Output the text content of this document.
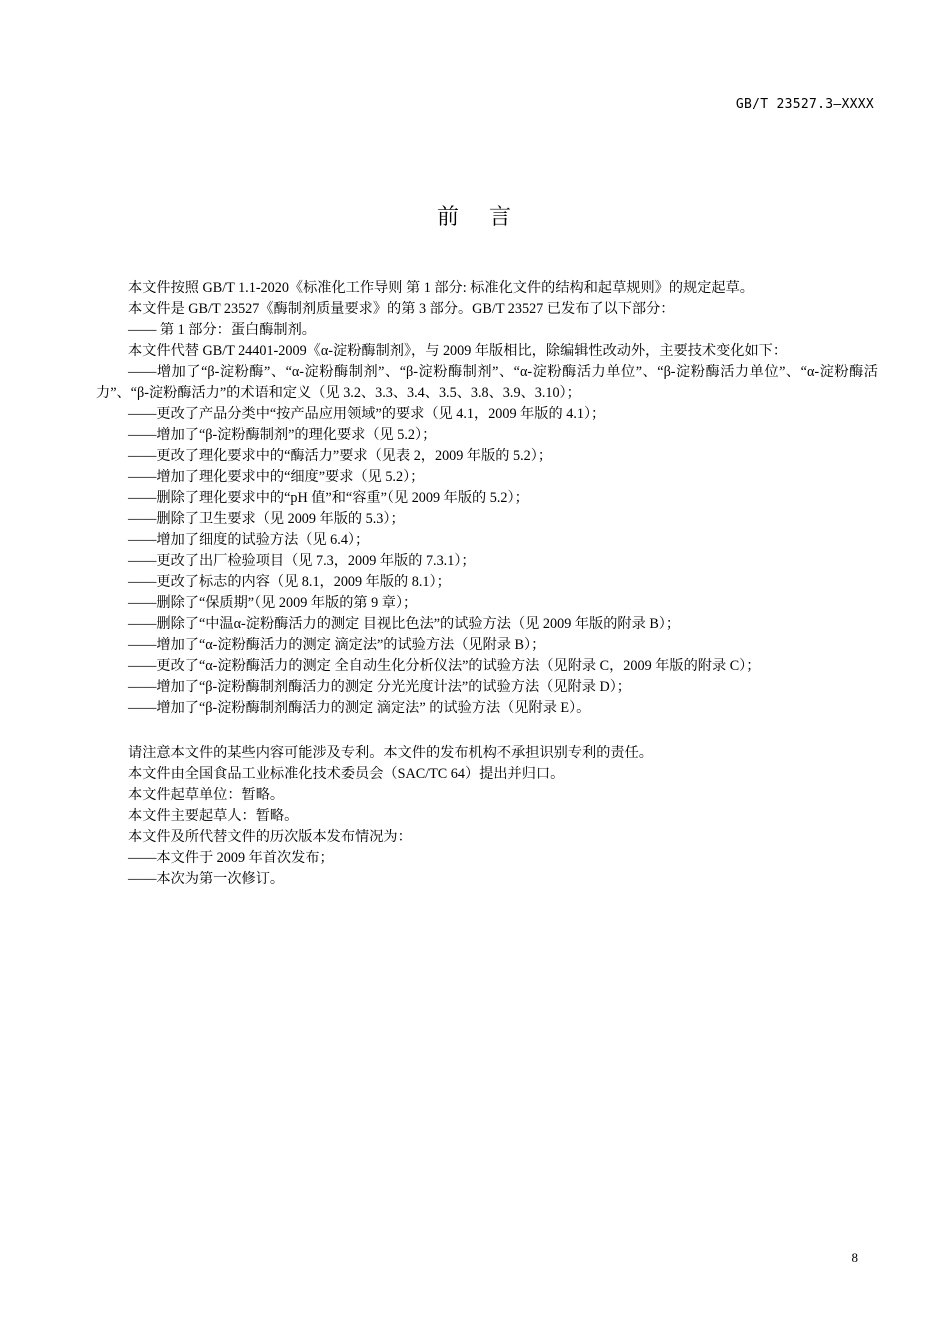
GB/T 23527.3—XXXX
前 言

本文件按照 GB/T 1.1-2020《标准化工作导则 第 1 部分: 标准化文件的结构和起草规则》的规定起草。

本文件是 GB/T 23527《酶制剂质量要求》的第 3 部分。GB/T 23527 已发布了以下部分：

—— 第 1 部分：蛋白酶制剂。

本文件代替 GB/T 24401-2009《α-淀粉酶制剂》，与 2009 年版相比，除编辑性改动外，主要技术变化如下：

——增加了“β-淀粉酶”、“α-淀粉酶制剂”、“β-淀粉酶制剂”、“α-淀粉酶活力单位”、“β-淀粉酶活力单位”、“α-淀粉酶活力”、“β-淀粉酶活力”的术语和定义（见 3.2、3.3、3.4、3.5、3.8、3.9、3.10）；

——更改了产品分类中“按产品应用领域”的要求（见 4.1，2009 年版的 4.1）；

——增加了“β-淀粉酶制剂”的理化要求（见 5.2）；

——更改了理化要求中的“酶活力”要求（见表 2，2009 年版的 5.2）；

——增加了理化要求中的“细度”要求（见 5.2）；

——删除了理化要求中的“pH 值”和“容重”（见 2009 年版的 5.2）；

——删除了卫生要求（见 2009 年版的 5.3）；

——增加了细度的试验方法（见 6.4）；

——更改了出厂检验项目（见 7.3，2009 年版的 7.3.1）；

——更改了标志的内容（见 8.1，2009 年版的 8.1）；

——删除了“保质期”（见 2009 年版的第 9 章）；

——删除了“中温α-淀粉酶活力的测定 目视比色法”的试验方法（见 2009 年版的附录 B）；

——增加了“α-淀粉酶活力的测定 滴定法”的试验方法（见附录 B）；

——更改了“α-淀粉酶活力的测定 全自动生化分析仪法”的试验方法（见附录 C，2009 年版的附录 C）；

——增加了“β-淀粉酶制剂酶活力的测定 分光光度计法”的试验方法（见附录 D）；

——增加了“β-淀粉酶制剂酶活力的测定 滴定法” 的试验方法（见附录 E）。

请注意本文件的某些内容可能涉及专利。本文件的发布机构不承担识别专利的责任。

本文件由全国食品工业标准化技术委员会（SAC/TC 64）提出并归口。

本文件起草单位：暂略。

本文件主要起草人：暂略。

本文件及所代替文件的历次版本发布情况为：

——本文件于 2009 年首次发布；

——本次为第一次修订。

8
